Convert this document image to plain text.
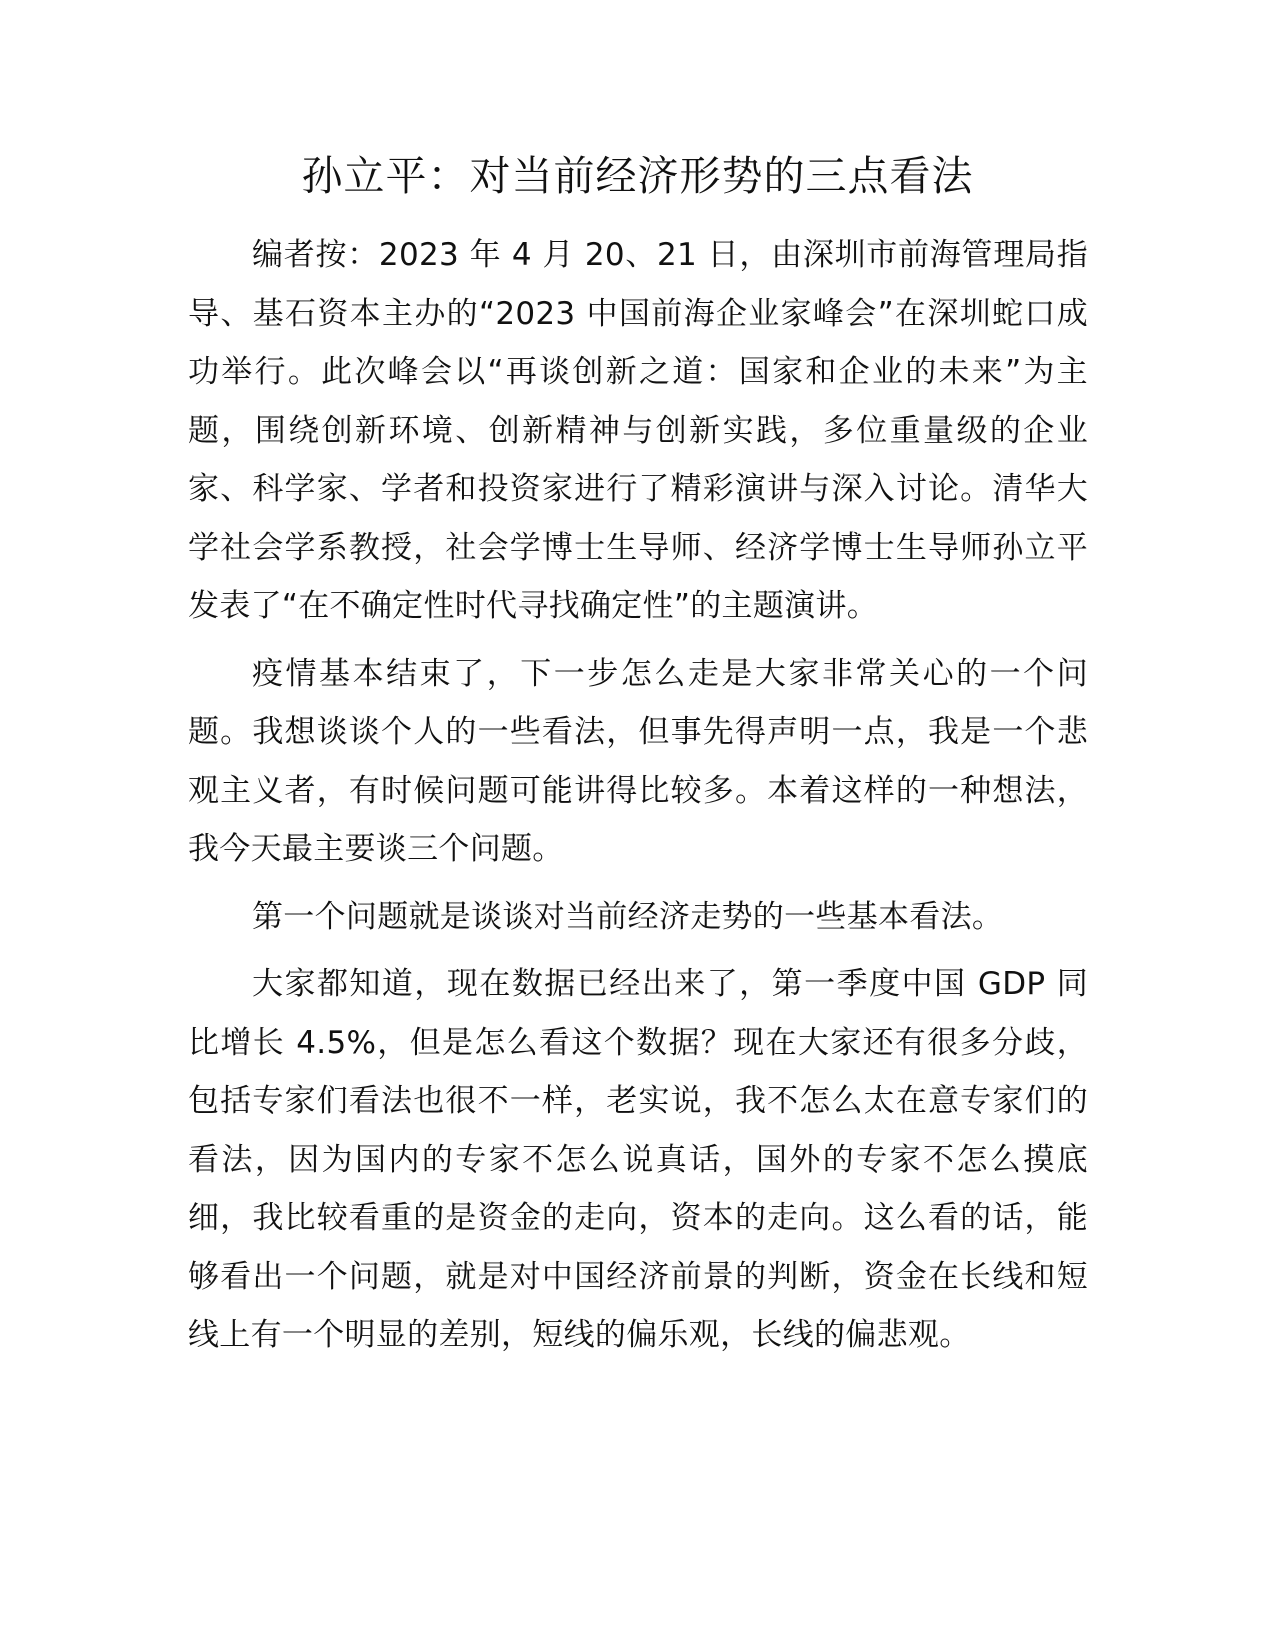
孙立平：对当前经济形势的三点看法

编者按：2023 年 4 月 20、21 日，由深圳市前海管理局指导、基石资本主办的“2023 中国前海企业家峰会”在深圳蛇口成功举行。此次峰会以“再谈创新之道：国家和企业的未来”为主题，围绕创新环境、创新精神与创新实践，多位重量级的企业家、科学家、学者和投资家进行了精彩演讲与深入讨论。清华大学社会学系教授，社会学博士生导师、经济学博士生导师孙立平发表了“在不确定性时代寻找确定性”的主题演讲。

疫情基本结束了，下一步怎么走是大家非常关心的一个问题。我想谈谈个人的一些看法，但事先得声明一点，我是一个悲观主义者，有时候问题可能讲得比较多。本着这样的一种想法，我今天最主要谈三个问题。

第一个问题就是谈谈对当前经济走势的一些基本看法。

大家都知道，现在数据已经出来了，第一季度中国 GDP 同比增长 4.5%，但是怎么看这个数据？现在大家还有很多分歧，包括专家们看法也很不一样，老实说，我不怎么太在意专家们的看法，因为国内的专家不怎么说真话，国外的专家不怎么摸底细，我比较看重的是资金的走向，资本的走向。这么看的话，能够看出一个问题，就是对中国经济前景的判断，资金在长线和短线上有一个明显的差别，短线的偏乐观，长线的偏悲观。
